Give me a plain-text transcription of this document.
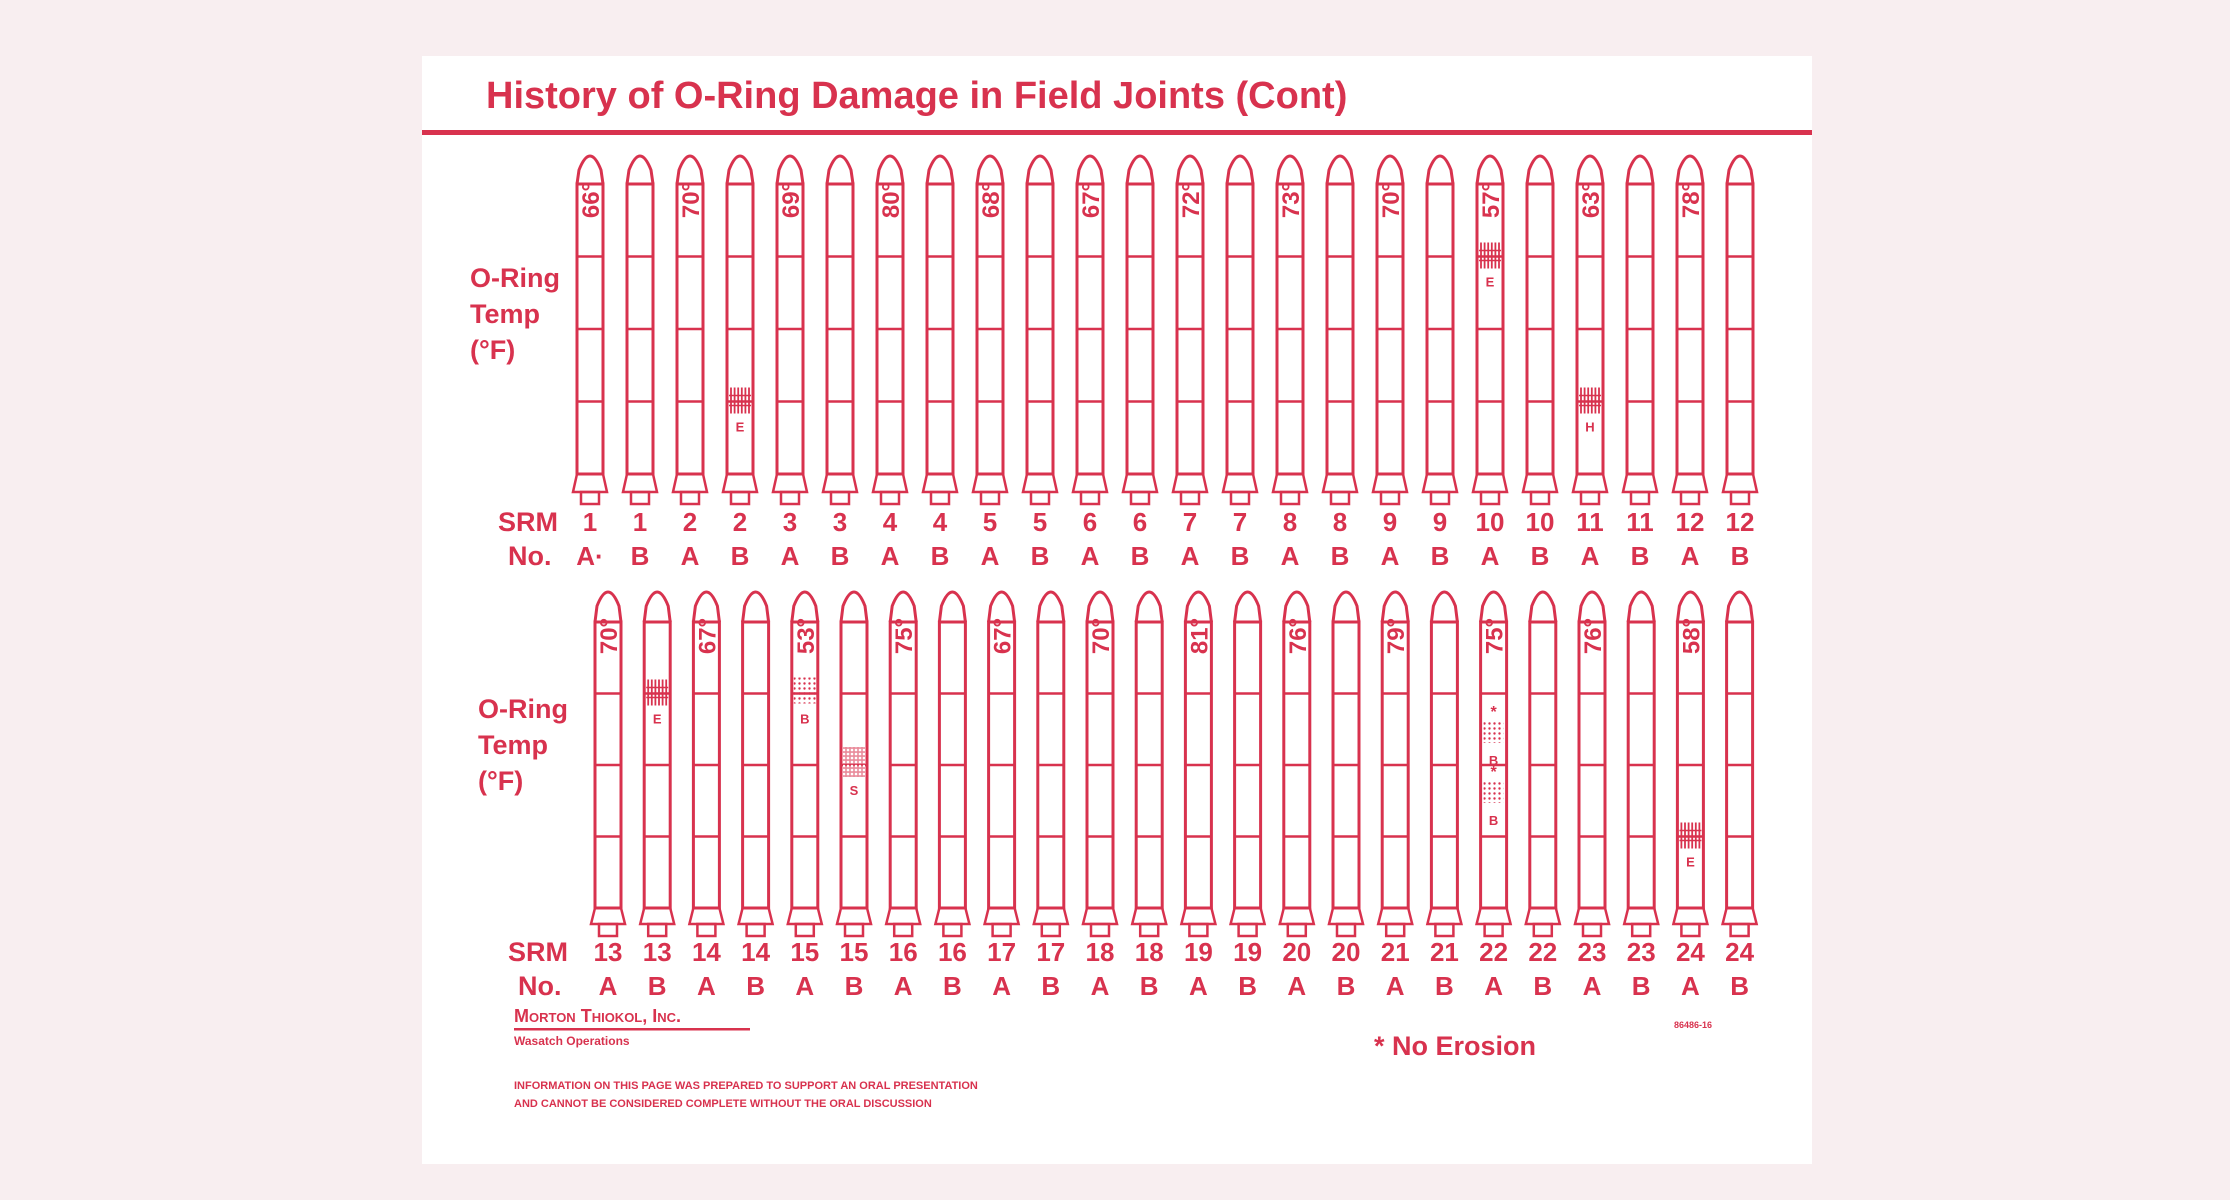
History of O-Ring Damage in Field Joints (Cont)
O-Ring
Temp
(°F)
SRM
No.
O-Ring
Temp
(°F)
SRM
No.
66°
1
A·
1
B
70°
2
A
E
2
B
69°
3
A
3
B
80°
4
A
4
B
68°
5
A
5
B
67°
6
A
6
B
72°
7
A
7
B
73°
8
A
8
B
70°
9
A
9
B
57°
E
10
A
10
B
63°
H
11
A
11
B
78°
12
A
12
B
70°
13
A
E
13
B
67°
14
A
14
B
53°
B
15
A
S
15
B
75°
16
A
16
B
67°
17
A
17
B
70°
18
A
18
B
81°
19
A
19
B
76°
20
A
20
B
79°
21
A
21
B
75°
*
*
B
B
22
A
22
B
76°
23
A
23
B
58°
E
24
A
24
B
Morton Thiokol, Inc.
Wasatch Operations
86486-16
* No Erosion
INFORMATION ON THIS PAGE WAS PREPARED TO SUPPORT AN ORAL PRESENTATION
AND CANNOT BE CONSIDERED COMPLETE WITHOUT THE ORAL DISCUSSION
